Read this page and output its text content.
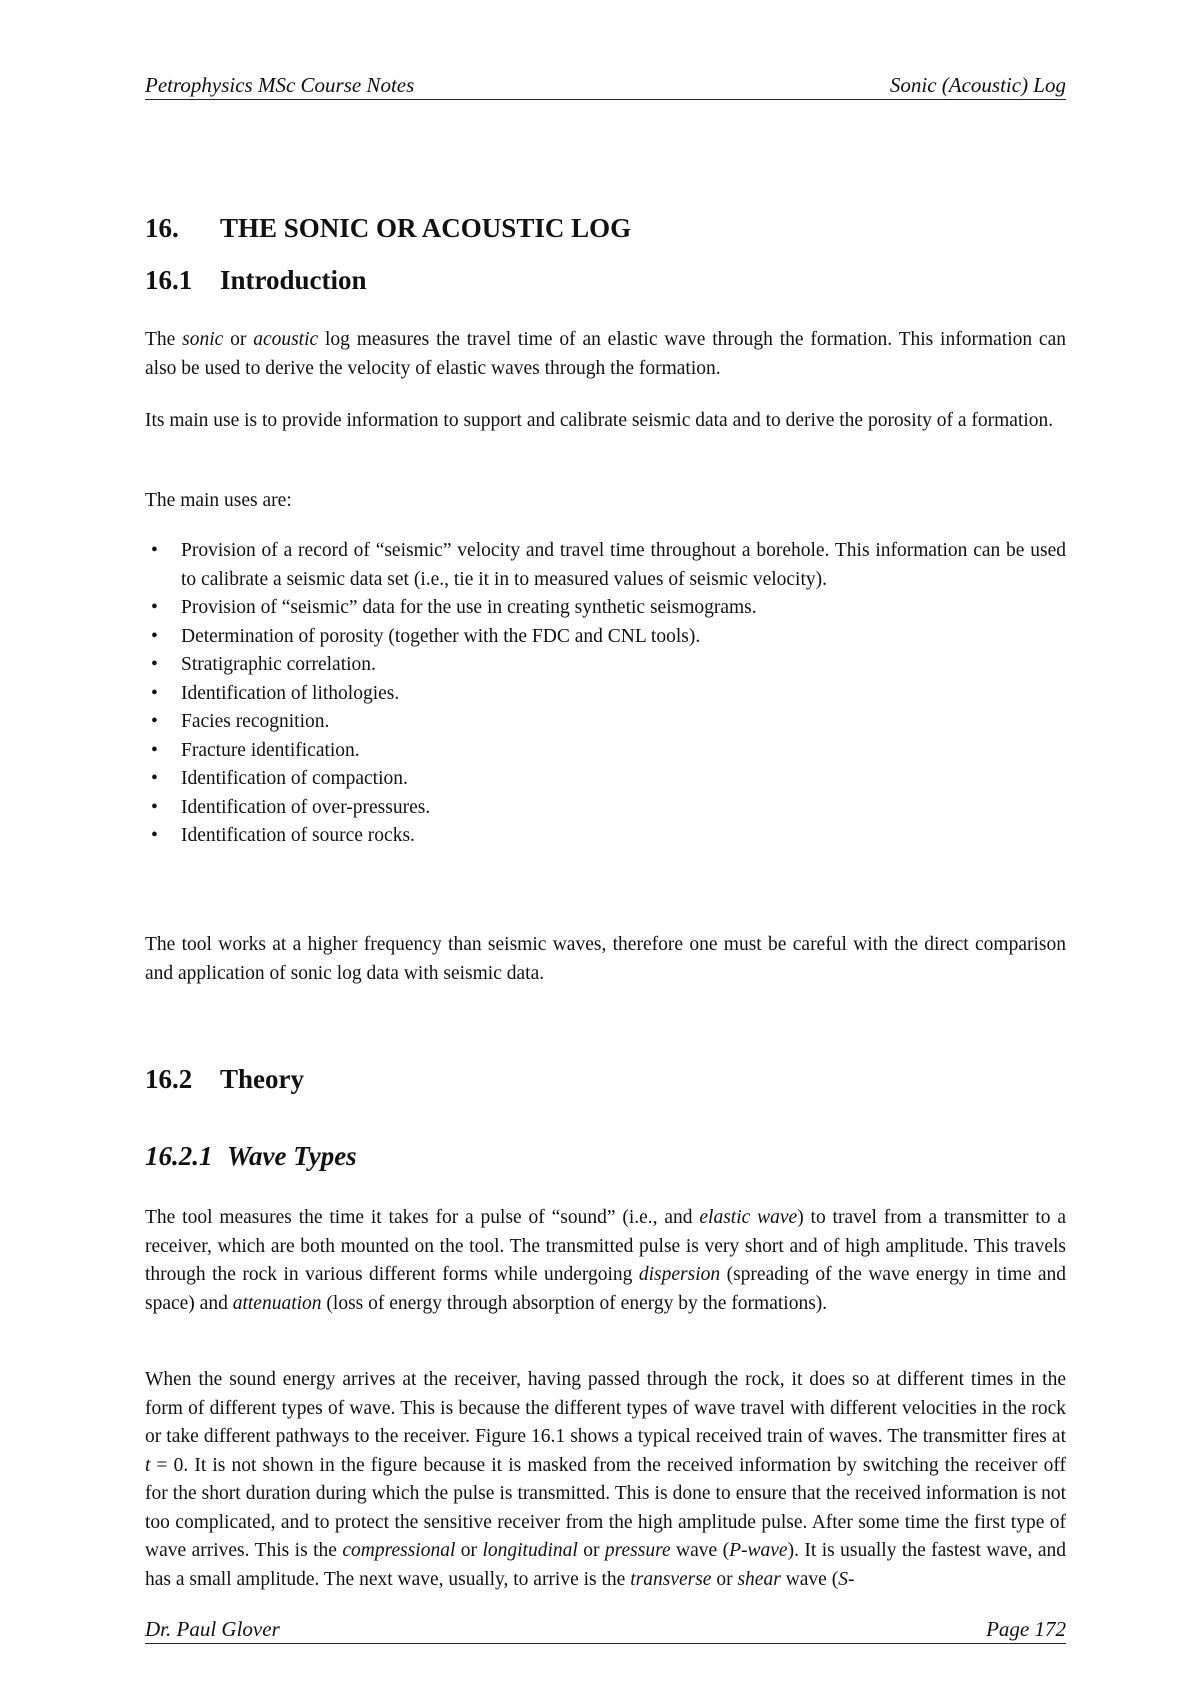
Petrophysics MSc Course Notes	Sonic (Acoustic) Log
16. THE SONIC OR ACOUSTIC LOG
16.1 Introduction
The sonic or acoustic log measures the travel time of an elastic wave through the formation. This information can also be used to derive the velocity of elastic waves through the formation.
Its main use is to provide information to support and calibrate seismic data and to derive the porosity of a formation.
The main uses are:
• Provision of a record of “seismic” velocity and travel time throughout a borehole. This information can be used to calibrate a seismic data set (i.e., tie it in to measured values of seismic velocity).
• Provision of “seismic” data for the use in creating synthetic seismograms.
• Determination of porosity (together with the FDC and CNL tools).
• Stratigraphic correlation.
• Identification of lithologies.
• Facies recognition.
• Fracture identification.
• Identification of compaction.
• Identification of over-pressures.
• Identification of source rocks.
The tool works at a higher frequency than seismic waves, therefore one must be careful with the direct comparison and application of sonic log data with seismic data.
16.2 Theory
16.2.1 Wave Types
The tool measures the time it takes for a pulse of “sound” (i.e., and elastic wave) to travel from a transmitter to a receiver, which are both mounted on the tool. The transmitted pulse is very short and of high amplitude. This travels through the rock in various different forms while undergoing dispersion (spreading of the wave energy in time and space) and attenuation (loss of energy through absorption of energy by the formations).
When the sound energy arrives at the receiver, having passed through the rock, it does so at different times in the form of different types of wave. This is because the different types of wave travel with different velocities in the rock or take different pathways to the receiver. Figure 16.1 shows a typical received train of waves. The transmitter fires at t = 0. It is not shown in the figure because it is masked from the received information by switching the receiver off for the short duration during which the pulse is transmitted. This is done to ensure that the received information is not too complicated, and to protect the sensitive receiver from the high amplitude pulse. After some time the first type of wave arrives. This is the compressional or longitudinal or pressure wave (P-wave). It is usually the fastest wave, and has a small amplitude. The next wave, usually, to arrive is the transverse or shear wave (S-
Dr. Paul Glover	Page 172
